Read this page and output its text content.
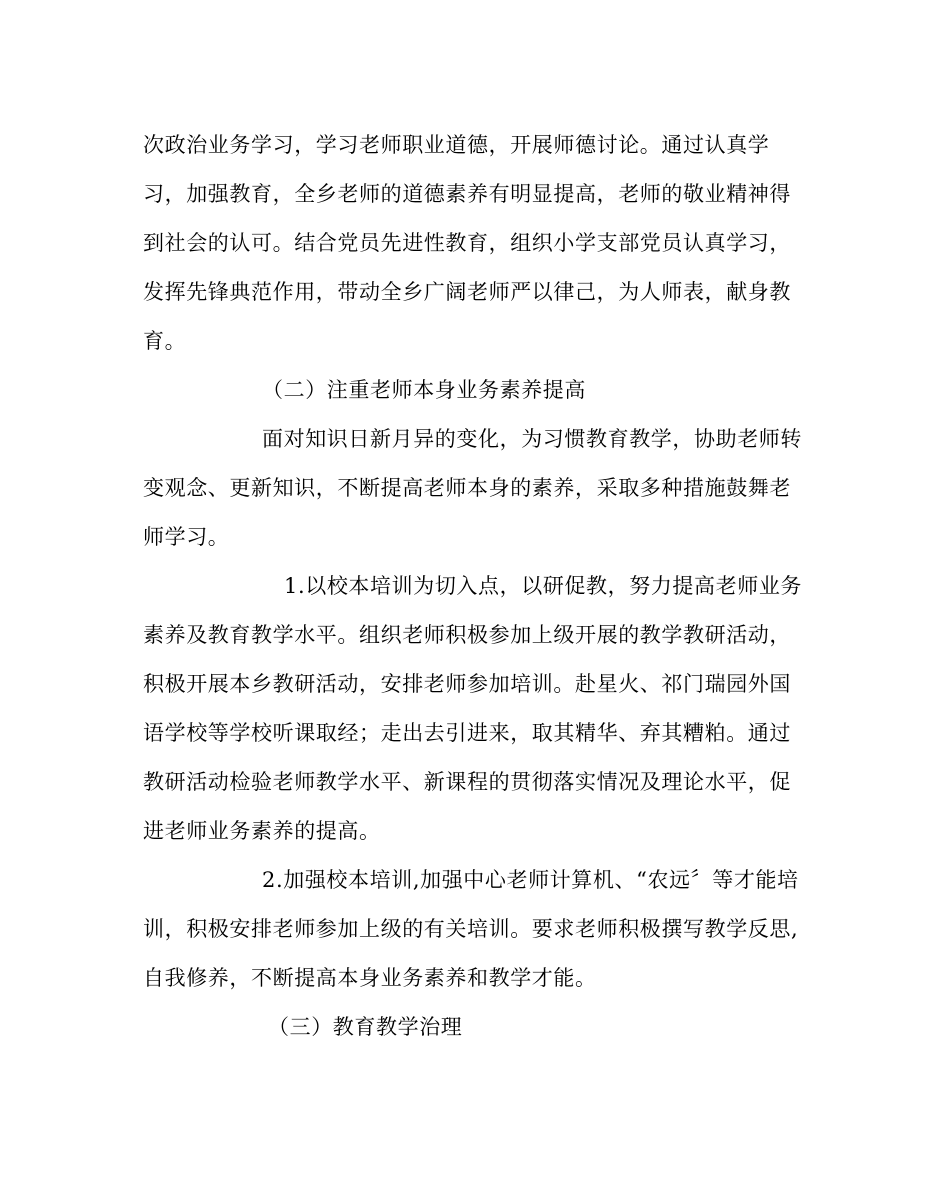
次政治业务学习，学习老师职业道德，开展师德讨论。通过认真学
习，加强教育，全乡老师的道德素养有明显提高，老师的敬业精神得
到社会的认可。结合党员先进性教育，组织小学支部党员认真学习，
发挥先锋典范作用，带动全乡广阔老师严以律己，为人师表，献身教
育。
（二）注重老师本身业务素养提高
面对知识日新月异的变化，为习惯教育教学，协助老师转
变观念、更新知识，不断提高老师本身的素养，采取多种措施鼓舞老
师学习。
1.以校本培训为切入点，以研促教，努力提高老师业务
素养及教育教学水平。组织老师积极参加上级开展的教学教研活动，
积极开展本乡教研活动，安排老师参加培训。赴星火、祁门瑞园外国
语学校等学校听课取经；走出去引进来，取其精华、弃其糟粕。通过
教研活动检验老师教学水平、新课程的贯彻落实情况及理论水平，促
进老师业务素养的提高。
2.加强校本培训,加强中心老师计算机、“农远〞等才能培
训，积极安排老师参加上级的有关培训。要求老师积极撰写教学反思,
自我修养，不断提高本身业务素养和教学才能。
（三）教育教学治理
